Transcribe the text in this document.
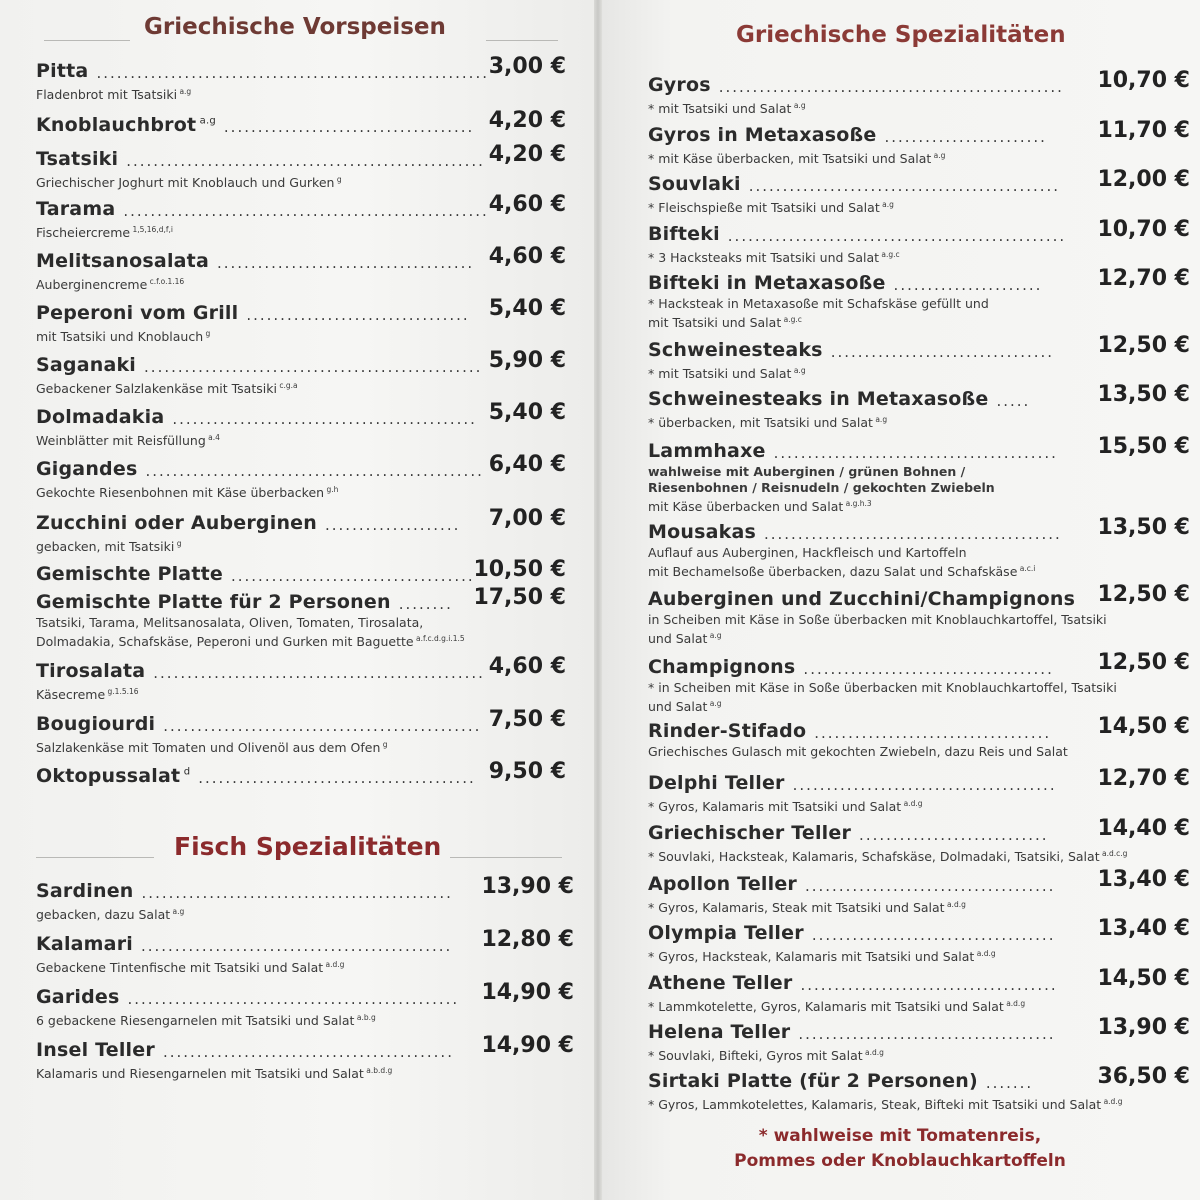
Griechische Vorspeisen
Fisch Spezialitäten
Griechische Spezialitäten
Pitta .......................................................... 3,00 €
Fladenbrot mit Tsatsiki $^{a.g}$
Knoblauchbrot $^{a.g}$ ..................................... 4,20 €
Tsatsiki ..................................................... 4,20 €
Griechischer Joghurt mit Knoblauch und Gurken $^g$
Tarama ...................................................... 4,60 €
Fischeiercreme $^{1,5,16,d,f,i}$
Melitsanosalata ...................................... 4,60 €
Auberginencreme $^{c.f.o.1.16}$
Peperoni vom Grill ................................. 5,40 €
mit Tsatsiki und Knoblauch $^g$
Saganaki .................................................. 5,90 €
Gebackener Salzlakenkäse mit Tsatsiki $^{c.g.a}$
Dolmadakia ............................................. 5,40 €
Weinblätter mit Reisfüllung $^{a.4}$
Gigandes .................................................. 6,40 €
Gekochte Riesenbohnen mit Käse überbacken $^{g.h}$
Zucchini oder Auberginen .................... 7,00 €
gebacken, mit Tsatsiki $^g$
Gemischte Platte ....................................
10,50 €
Gemischte Platte für 2 Personen ........ 17,50 €
Tsatsiki, Tarama, Melitsanosalata, Oliven, Tomaten, Tirosalata,
Dolmadakia, Schafskäse, Peperoni und Gurken mit Baguette $^{a.f.c.d.g.i.1.5}$
Tirosalata ................................................. 4,60 €
Käsecreme $^{g.1.5.16}$
Bougiourdi ............................................... 7,50 €
Salzlakenkäse mit Tomaten und Olivenöl aus dem Ofen $^g$
Oktopussalat $^d$ ......................................... 9,50 €
Sardinen .............................................. 13,90 €
gebacken, dazu Salat $^{a.g}$
Kalamari .............................................. 12,80 €
Gebackene Tintenfische mit Tsatsiki und Salat $^{a.d.g}$
Garides ................................................. 14,90 €
6 gebackene Riesengarnelen mit Tsatsiki und Salat $^{a.b.g}$
Insel Teller ........................................... 14,90 €
Kalamaris und Riesengarnelen mit Tsatsiki und Salat $^{a.b.d.g}$
Gyros ................................................... 10,70 €
* mit Tsatsiki und Salat $^{a.g}$
Gyros in Metaxasoße ........................ 11,70 €
* mit Käse überbacken, mit Tsatsiki und Salat $^{a.g}$
Souvlaki .............................................. 12,00 €
* Fleischspieße mit Tsatsiki und Salat $^{a.g}$
Bifteki .................................................. 10,70 €
* 3 Hacksteaks mit Tsatsiki und Salat $^{a.g.c}$
Bifteki in Metaxasoße ...................... 12,70 €
* Hacksteak in Metaxasoße mit Schafskäse gefüllt und
mit Tsatsiki und Salat $^{a.g.c}$
Schweinesteaks ................................. 12,50 €
* mit Tsatsiki und Salat $^{a.g}$
Schweinesteaks in Metaxasoße .....	13,50 €
* überbacken, mit Tsatsiki und Salat $^{a.g}$
Lammhaxe .......................................... 15,50 €
wahlweise mit Auberginen / grünen Bohnen /
Riesenbohnen / Reisnudeln / gekochten Zwiebeln
mit Käse überbacken und Salat $^{a.g.h.3}$
Mousakas ............................................ 13,50 €
Auflauf aus Auberginen, Hackfleisch und Kartoffeln
mit Bechamelsoße überbacken, dazu Salat und Schafskäse $^{a.c.i}$
Auberginen und Zucchini/Champignons 12,50 €
in Scheiben mit Käse in Soße überbacken mit Knoblauchkartoffel, Tsatsiki
und Salat $^{a.g}$
Champignons ..................................... 12,50 €
* in Scheiben mit Käse in Soße überbacken mit Knoblauchkartoffel, Tsatsiki
und Salat $^{a.g}$
Rinder-Stifado ................................... 14,50 €
Griechisches Gulasch mit gekochten Zwiebeln, dazu Reis und Salat
Delphi Teller ....................................... 12,70 €
* Gyros, Kalamaris mit Tsatsiki und Salat $^{a.d.g}$
Griechischer Teller ............................ 14,40 €
* Souvlaki, Hacksteak, Kalamaris, Schafskäse, Dolmadaki, Tsatsiki, Salat $^{a.d.c.g}$
Apollon Teller ..................................... 13,40 €
* Gyros, Kalamaris, Steak mit Tsatsiki und Salat $^{a.d.g}$
Olympia Teller .................................... 13,40 €
* Gyros, Hacksteak, Kalamaris mit Tsatsiki und Salat $^{a.d.g}$
Athene Teller ...................................... 14,50 €
* Lammkotelette, Gyros, Kalamaris mit Tsatsiki und Salat $^{a.d.g}$
Helena Teller ...................................... 13,90 €
* Souvlaki, Bifteki, Gyros mit Salat $^{a.d.g}$
Sirtaki Platte (für 2 Personen) .......	36,50 €
* Gyros, Lammkotelettes, Kalamaris, Steak, Bifteki mit Tsatsiki und Salat $^{a.d.g}$
* wahlweise mit Tomatenreis,
Pommes oder Knoblauchkartoffeln
